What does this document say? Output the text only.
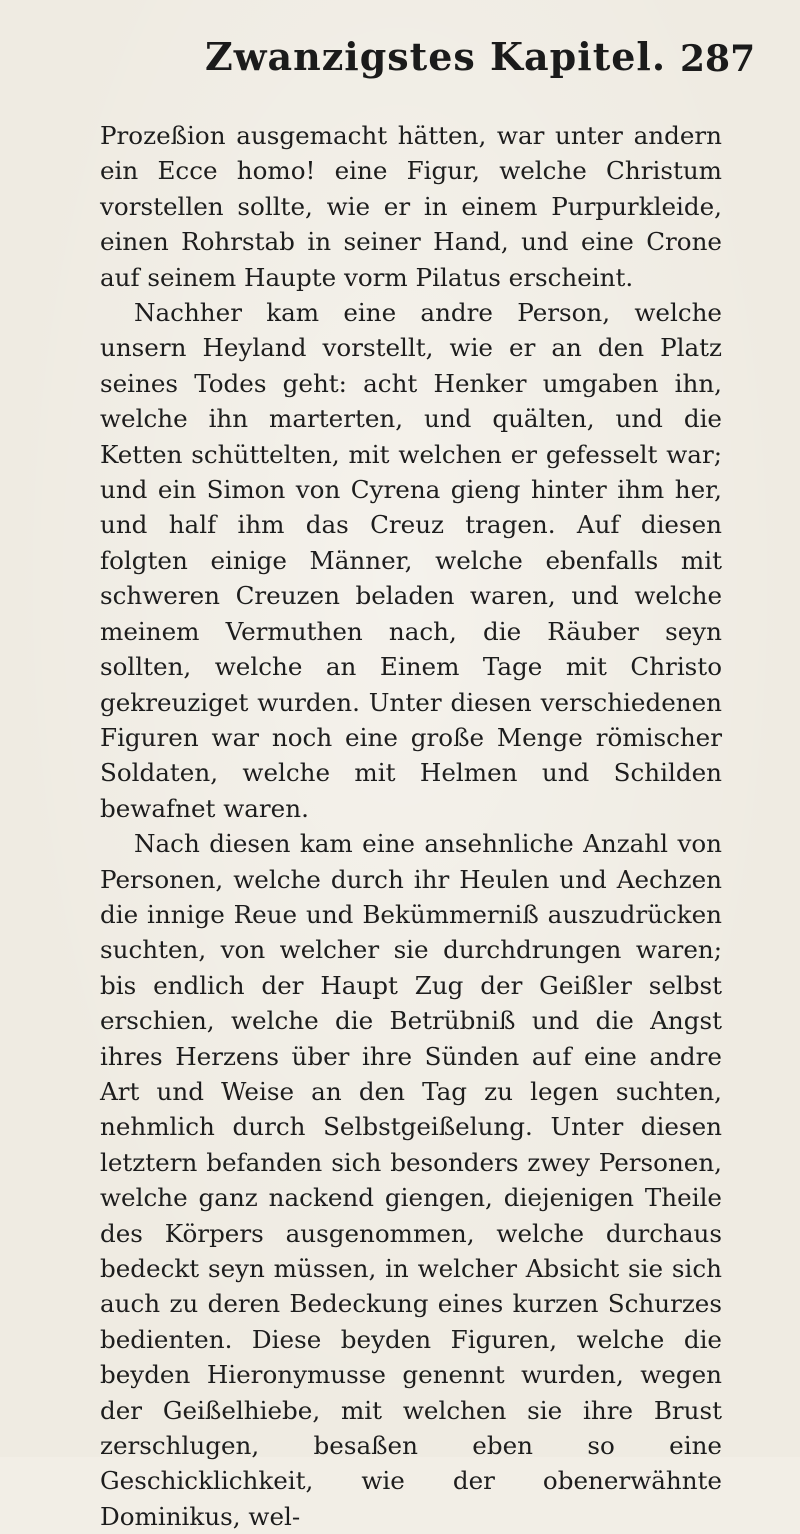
Zwanzigstes Kapitel. 287

Prozeßion ausgemacht hätten, war unter andern ein Ecce homo! eine Figur, welche Christum vorstellen sollte, wie er in einem Purpurkleide, einen Rohrstab in seiner Hand, und eine Crone auf seinem Haupte vorm Pilatus erscheint.

Nachher kam eine andre Person, welche unsern Heyland vorstellt, wie er an den Platz seines Todes geht: acht Henker umgaben ihn, welche ihn marterten, und quälten, und die Ketten schüttelten, mit welchen er gefesselt war; und ein Simon von Cyrena gieng hinter ihm her, und half ihm das Creuz tragen. Auf diesen folgten einige Männer, welche ebenfalls mit schweren Creuzen beladen waren, und welche meinem Vermuthen nach, die Räuber seyn sollten, welche an Einem Tage mit Christo gekreuziget wurden. Unter diesen verschiedenen Figuren war noch eine große Menge römischer Soldaten, welche mit Helmen und Schilden bewafnet waren.

Nach diesen kam eine ansehnliche Anzahl von Personen, welche durch ihr Heulen und Aechzen die innige Reue und Bekümmerniß auszudrücken suchten, von welcher sie durchdrungen waren; bis endlich der Haupt Zug der Geißler selbst erschien, welche die Betrübniß und die Angst ihres Herzens über ihre Sünden auf eine andre Art und Weise an den Tag zu legen suchten, nehmlich durch Selbstgeißelung. Unter diesen letztern befanden sich besonders zwey Personen, welche ganz nackend giengen, diejenigen Theile des Körpers ausgenommen, welche durchaus bedeckt seyn müssen, in welcher Absicht sie sich auch zu deren Bedeckung eines kurzen Schurzes bedienten. Diese beyden Figuren, welche die beyden Hieronymusse genennt wurden, wegen der Geißelhiebe, mit welchen sie ihre Brust zerschlugen, besaßen eben so eine Geschicklichkeit, wie der obenerwähnte Dominikus, wel-
